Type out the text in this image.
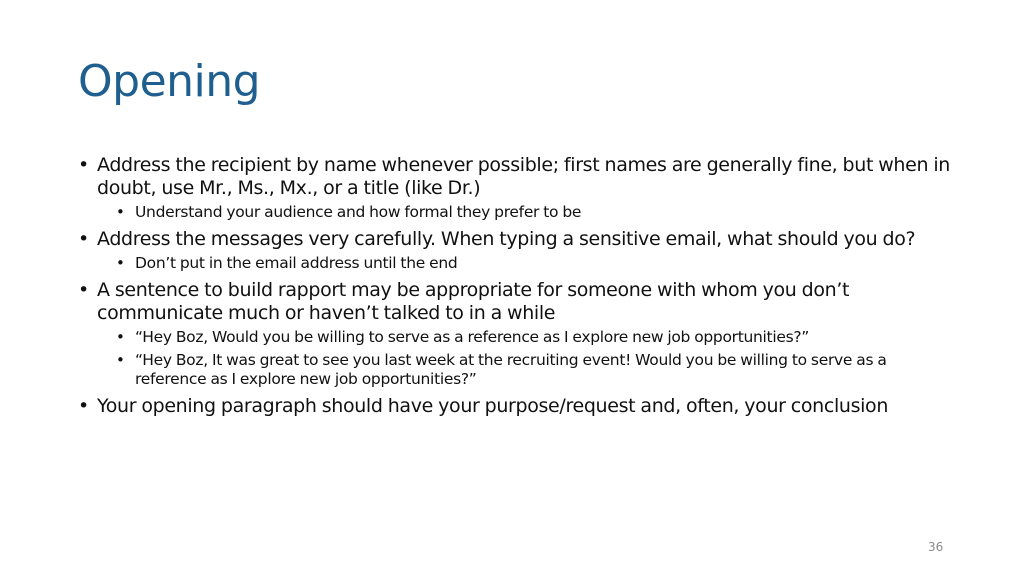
Opening
• Address the recipient by name whenever possible; first names are generally fine, but when in doubt, use Mr., Ms., Mx., or a title (like Dr.)
• Understand your audience and how formal they prefer to be
• Address the messages very carefully. When typing a sensitive email, what should you do?
• Don’t put in the email address until the end
• A sentence to build rapport may be appropriate for someone with whom you don’t communicate much or haven’t talked to in a while
• “Hey Boz, Would you be willing to serve as a reference as I explore new job opportunities?”
• “Hey Boz, It was great to see you last week at the recruiting event! Would you be willing to serve as a reference as I explore new job opportunities?”
• Your opening paragraph should have your purpose/request and, often, your conclusion
36
